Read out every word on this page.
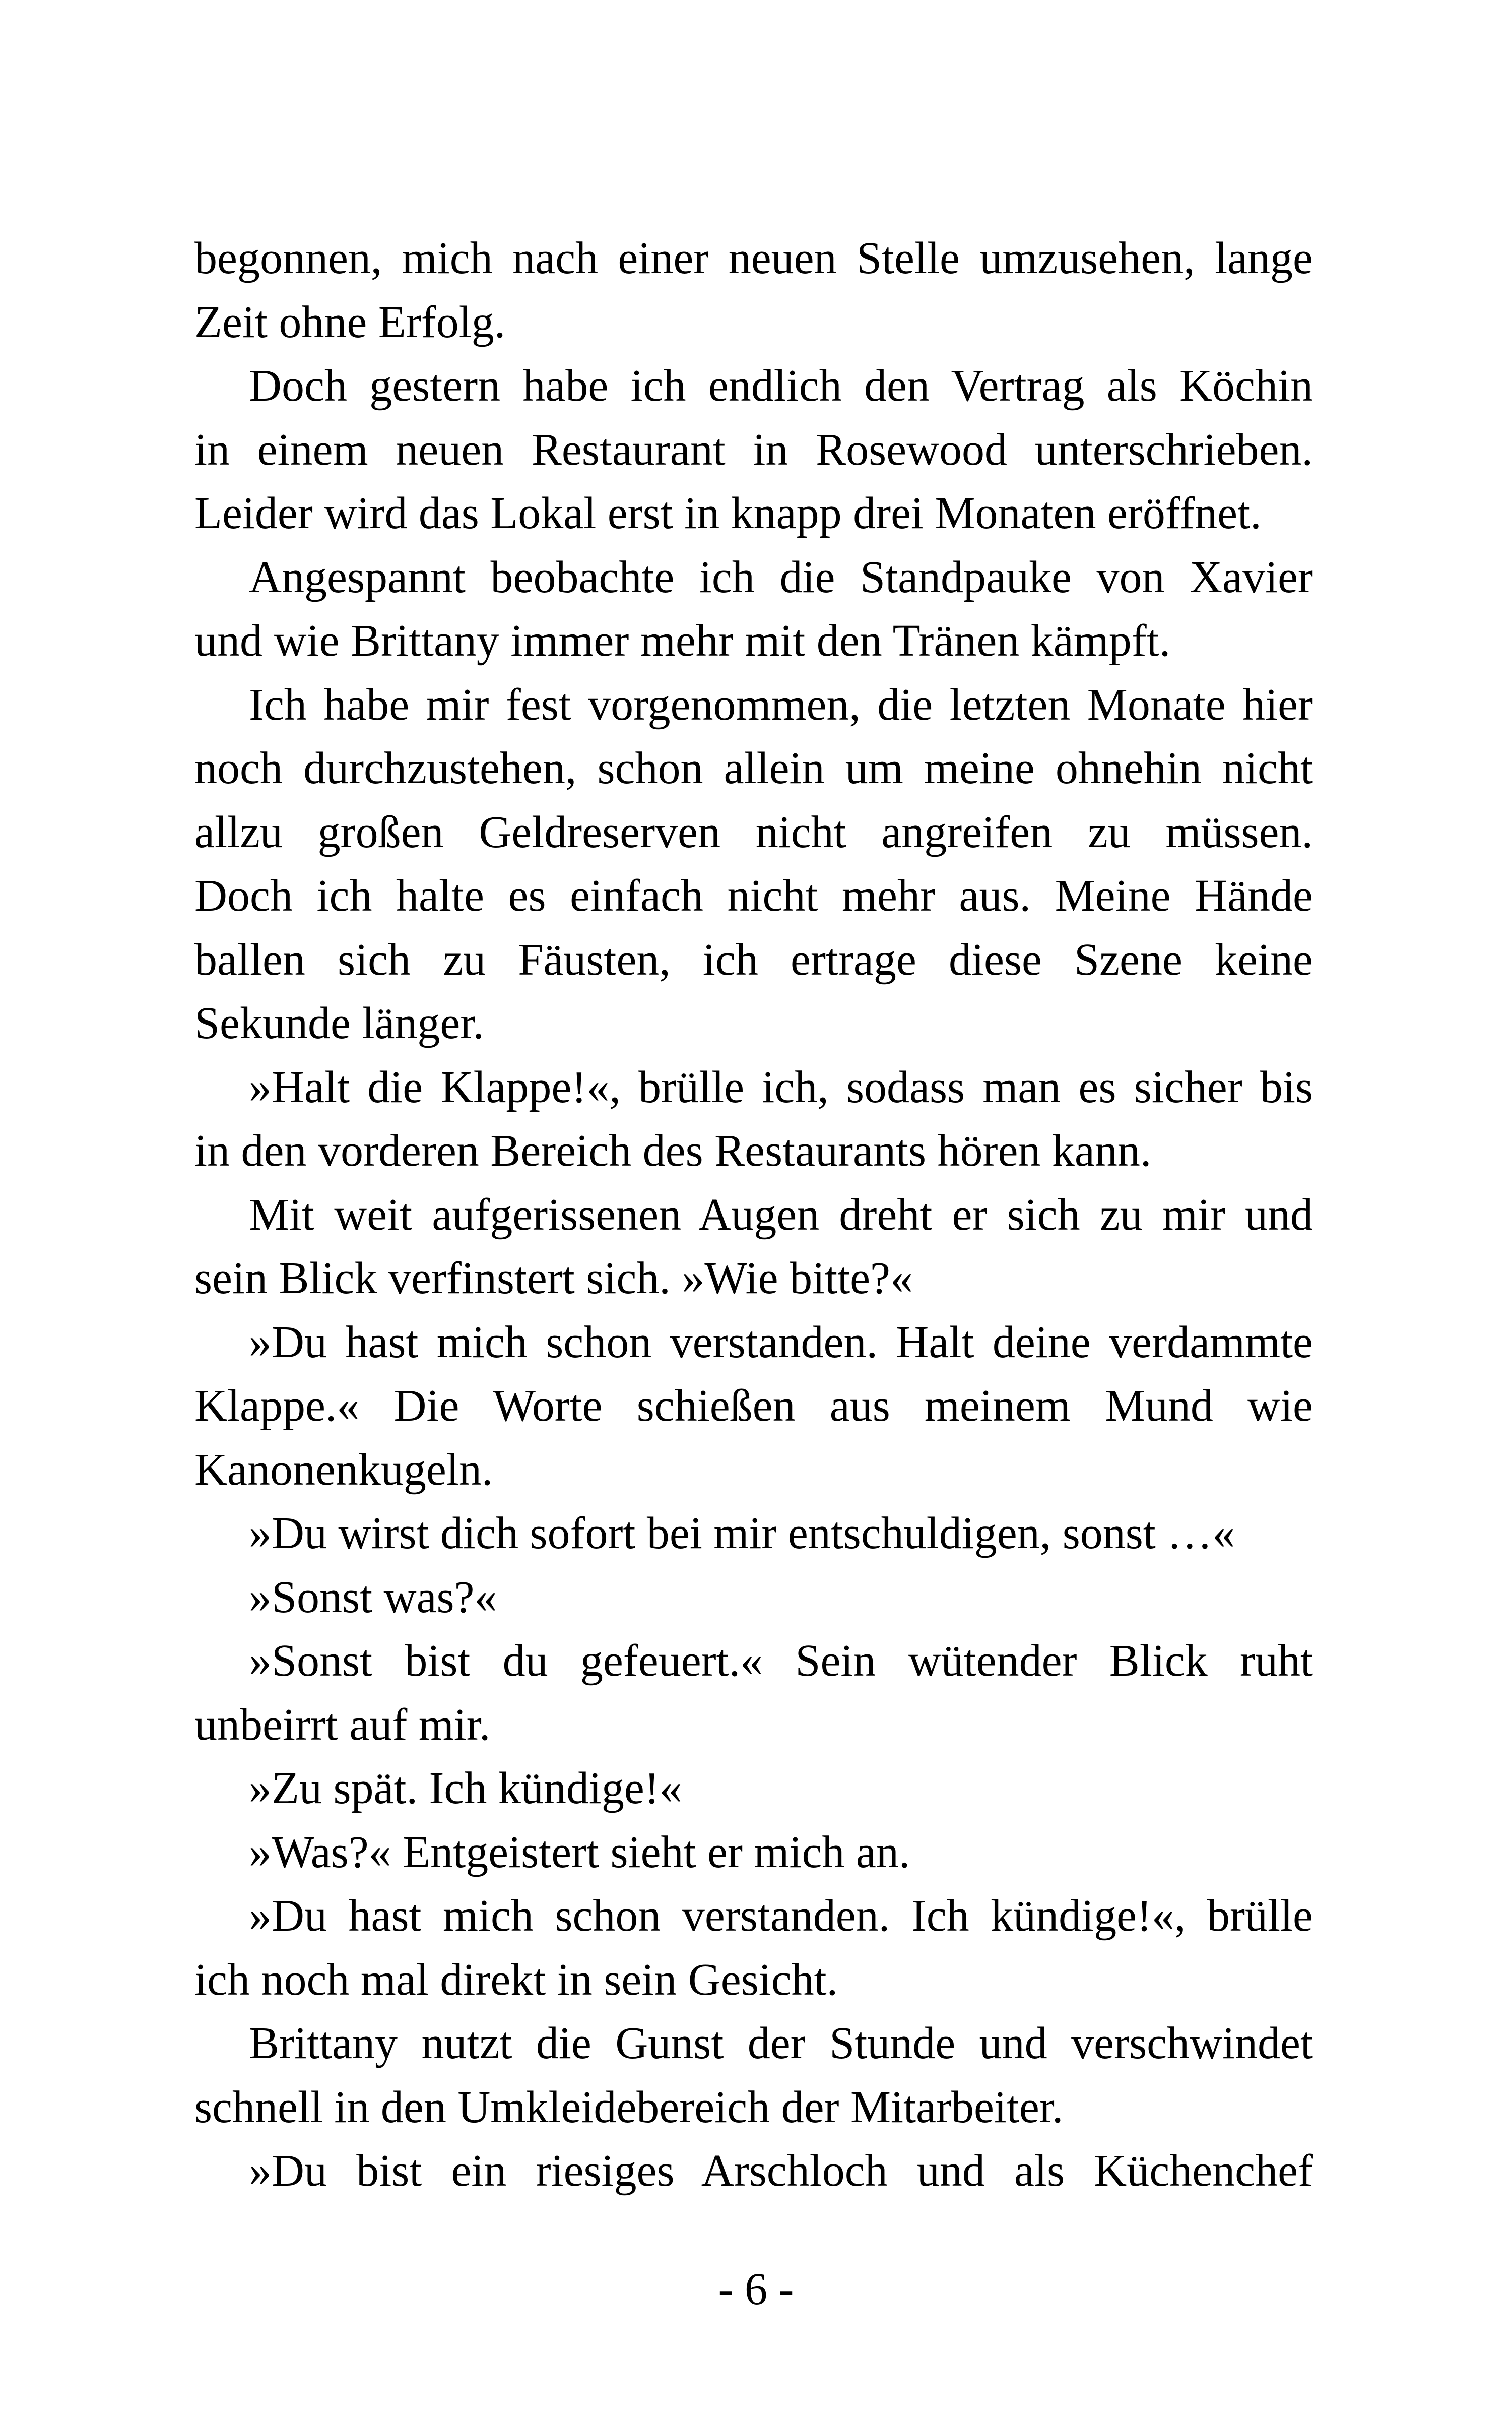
begonnen, mich nach einer neuen Stelle umzusehen, lange
Zeit ohne Erfolg.
Doch gestern habe ich endlich den Vertrag als Köchin
in einem neuen Restaurant in Rosewood unterschrieben.
Leider wird das Lokal erst in knapp drei Monaten eröffnet.
Angespannt beobachte ich die Standpauke von Xavier
und wie Brittany immer mehr mit den Tränen kämpft.
Ich habe mir fest vorgenommen, die letzten Monate hier
noch durchzustehen, schon allein um meine ohnehin nicht
allzu großen Geldreserven nicht angreifen zu müssen.
Doch ich halte es einfach nicht mehr aus. Meine Hände
ballen sich zu Fäusten, ich ertrage diese Szene keine
Sekunde länger.
»Halt die Klappe!«, brülle ich, sodass man es sicher bis
in den vorderen Bereich des Restaurants hören kann.
Mit weit aufgerissenen Augen dreht er sich zu mir und
sein Blick verfinstert sich. »Wie bitte?«
»Du hast mich schon verstanden. Halt deine verdammte
Klappe.« Die Worte schießen aus meinem Mund wie
Kanonenkugeln.
»Du wirst dich sofort bei mir entschuldigen, sonst …«
»Sonst was?«
»Sonst bist du gefeuert.« Sein wütender Blick ruht
unbeirrt auf mir.
»Zu spät. Ich kündige!«
»Was?« Entgeistert sieht er mich an.
»Du hast mich schon verstanden. Ich kündige!«, brülle
ich noch mal direkt in sein Gesicht.
Brittany nutzt die Gunst der Stunde und verschwindet
schnell in den Umkleidebereich der Mitarbeiter.
»Du bist ein riesiges Arschloch und als Küchenchef
- 6 -
